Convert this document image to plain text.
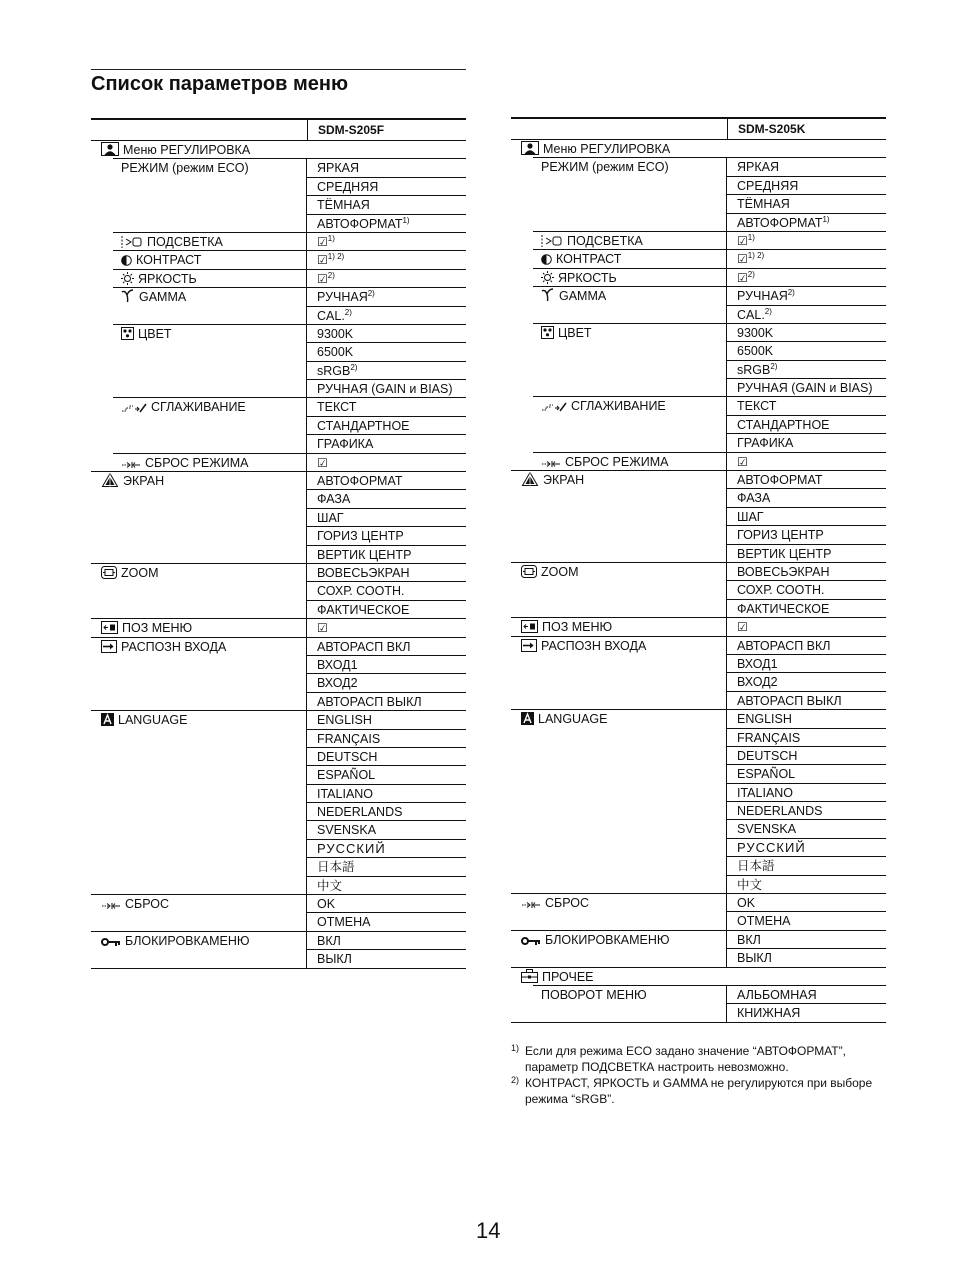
Список параметров меню
SDM-S205F
Меню РЕГУЛИРОВКА
РЕЖИМ (режим ECO)	ЯРКАЯ
СРЕДНЯЯ
ТЁМНАЯ
АВТОФОРМАТ$^{1)}$
ПОДСВЕТКА	☑$^{1)}$
КОНТРАСТ	☑$^{1) 2)}$
ЯРКОСТЬ	☑$^{2)}$
GAMMA	РУЧНАЯ$^{2)}$
CAL.$^{2)}$
ЦВЕТ	9300K
6500K
sRGB$^{2)}$
РУЧНАЯ (GAIN и BIAS)
СГЛАЖИВАНИЕ	ТЕКСТ
СТАНДАРТНОЕ
ГРАФИКА
СБРОС РЕЖИМА	☑
ЭКРАН	АВТОФОРМАТ
ФАЗА
ШАГ
ГОРИЗ ЦЕНТР
ВЕРТИК ЦЕНТР
ZOOM	ВОВЕСЬЭКРАН
СОХР. СООТН.
ФАКТИЧЕСКОЕ
ПОЗ МЕНЮ	☑
РАСПОЗН ВХОДА	АВТОРАСП ВКЛ
ВХОД1
ВХОД2
АВТОРАСП ВЫКЛ
LANGUAGE	ENGLISH
FRANÇAIS
DEUTSCH
ESPAÑOL
ITALIANO
NEDERLANDS
SVENSKA
РУССКИЙ
日本語
中文
СБРОС	OK
ОТМЕНА
БЛОКИРОВКАМЕНЮ	ВКЛ
ВЫКЛ
SDM-S205K
Меню РЕГУЛИРОВКА
РЕЖИМ (режим ECO)	ЯРКАЯ
СРЕДНЯЯ
ТЁМНАЯ
АВТОФОРМАТ$^{1)}$
ПОДСВЕТКА	☑$^{1)}$
КОНТРАСТ	☑$^{1) 2)}$
ЯРКОСТЬ	☑$^{2)}$
GAMMA	РУЧНАЯ$^{2)}$
CAL.$^{2)}$
ЦВЕТ	9300K
6500K
sRGB$^{2)}$
РУЧНАЯ (GAIN и BIAS)
СГЛАЖИВАНИЕ	ТЕКСТ
СТАНДАРТНОЕ
ГРАФИКА
СБРОС РЕЖИМА	☑
ЭКРАН	АВТОФОРМАТ
ФАЗА
ШАГ
ГОРИЗ ЦЕНТР
ВЕРТИК ЦЕНТР
ZOOM	ВОВЕСЬЭКРАН
СОХР. СООТН.
ФАКТИЧЕСКОЕ
ПОЗ МЕНЮ	☑
РАСПОЗН ВХОДА	АВТОРАСП ВКЛ
ВХОД1
ВХОД2
АВТОРАСП ВЫКЛ
LANGUAGE	ENGLISH
FRANÇAIS
DEUTSCH
ESPAÑOL
ITALIANO
NEDERLANDS
SVENSKA
РУССКИЙ
日本語
中文
СБРОС	OK
ОТМЕНА
БЛОКИРОВКАМЕНЮ	ВКЛ
ВЫКЛ
ПРОЧЕЕ
ПОВОРОТ МЕНЮ	АЛЬБОМНАЯ
КНИЖНАЯ
1) Если для режима ECO задано значение “АВТОФОРМАТ”, параметр ПОДСВЕТКА настроить невозможно.
2) КОНТРАСТ, ЯРКОСТЬ и GAMMA не регулируются при выборе режима “sRGB”.
14
